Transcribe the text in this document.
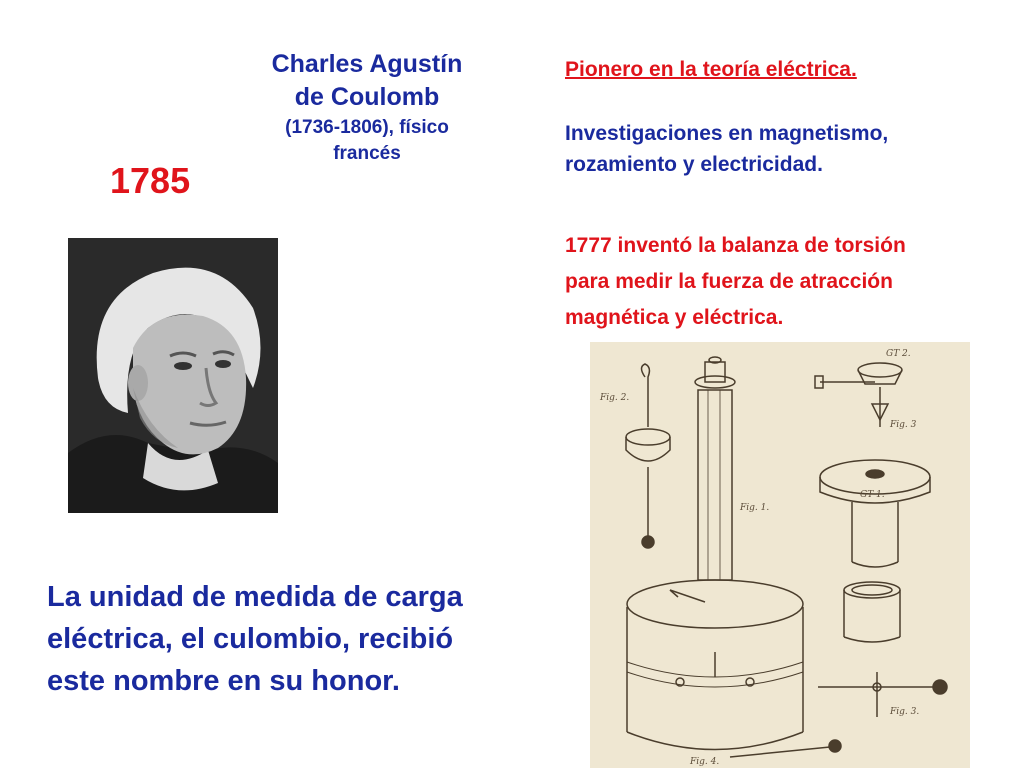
1785
Charles Agustín
de Coulomb
(1736-1806), físico
francés
Pionero en la teoría eléctrica.
Investigaciones en magnetismo,
rozamiento y electricidad.
1777 inventó la balanza de torsión
para medir la fuerza de atracción
magnética y eléctrica.
Fig. 2.
Fig. 1.
Fig. 3
GT 2.
GT 1.
Fig. 3.
Fig. 4.
La unidad de medida de carga
eléctrica, el culombio, recibió
este nombre en su honor.
